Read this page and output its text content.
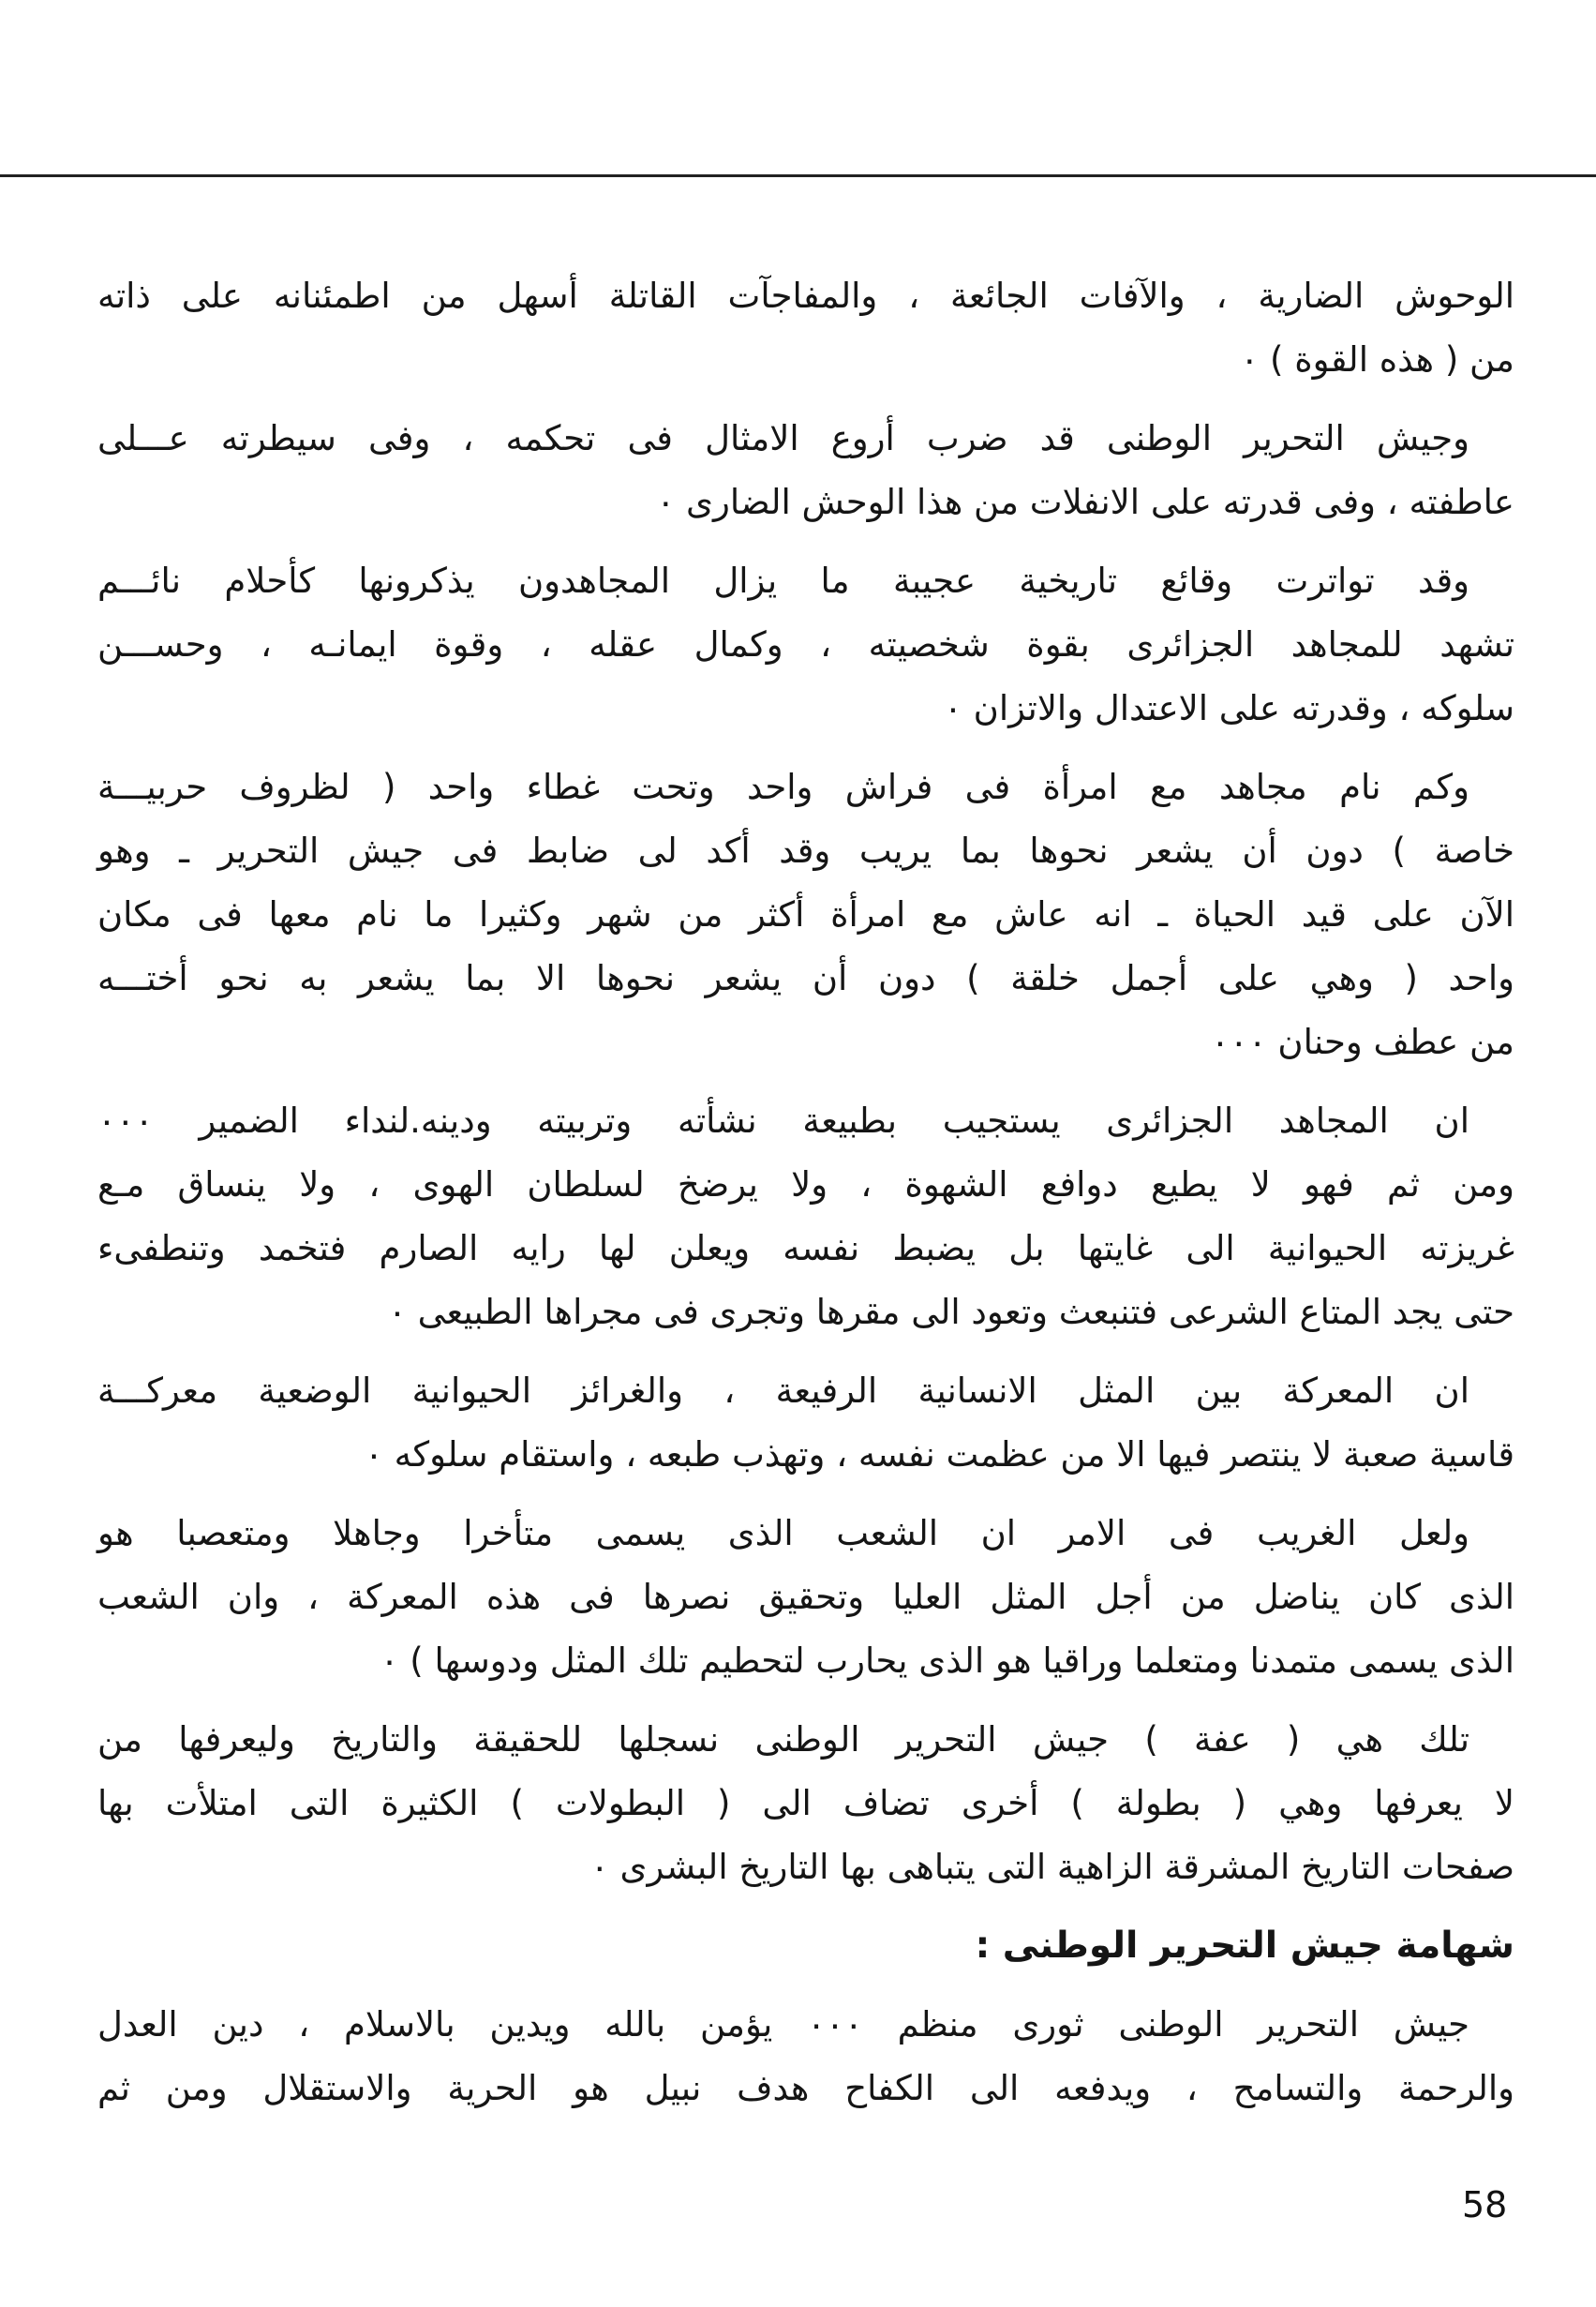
الوحوش الضارية ، والآفات الجائعة ، والمفاجآت القاتلة أسهل من اطمئنانه على ذاته
من ( هذه القوة ) ٠
وجيش التحرير الوطنى قد ضرب أروع الامثال فى تحكمه ، وفى سيطرته عـــلى
عاطفته ، وفى قدرته على الانفلات من هذا الوحش الضارى ٠
وقد تواترت وقائع تاريخية عجيبة ما يزال المجاهدون يذكرونها كأحلام نائـــم
تشهد للمجاهد الجزائرى بقوة شخصيته ، وكمال عقله ، وقوة ايمانـه ، وحســـن
سلوكه ، وقدرته على الاعتدال والاتزان ٠
وكم نام مجاهد مع امرأة فى فراش واحد وتحت غطاء واحد ( لظروف حربيـــة
خاصة ) دون أن يشعر نحوها بما يريب وقد أكد لى ضابط فى جيش التحرير ـ وهو
الآن على قيد الحياة ـ انه عاش مع امرأة أكثر من شهر وكثيرا ما نام معها فى مكان
واحد ( وهي على أجمل خلقة ) دون أن يشعر نحوها الا بما يشعر به نحو أختـــه
من عطف وحنان ٠٠٠
ان المجاهد الجزائرى يستجيب بطبيعة نشأته وتربيته ودينه.لنداء الضمير ٠٠٠
ومن ثم فهو لا يطيع دوافع الشهوة ، ولا يرضخ لسلطان الهوى ، ولا ينساق مـع
غريزته الحيوانية الى غايتها بل يضبط نفسه ويعلن لها رايه الصارم فتخمد وتنطفىء
حتى يجد المتاع الشرعى فتنبعث وتعود الى مقرها وتجرى فى مجراها الطبيعى ٠
ان المعركة بين المثل الانسانية الرفيعة ، والغرائز الحيوانية الوضعية معركـــة
قاسية صعبة لا ينتصر فيها الا من عظمت نفسه ، وتهذب طبعه ، واستقام سلوكه ٠
ولعل الغريب فى الامر ان الشعب الذى يسمى متأخرا وجاهلا ومتعصبا هو
الذى كان يناضل من أجل المثل العليا وتحقيق نصرها فى هذه المعركة ، وان الشعب
الذى يسمى متمدنا ومتعلما وراقيا هو الذى يحارب لتحطيم تلك المثل ودوسها ) ٠
تلك هي ( عفة ) جيش التحرير الوطنى نسجلها للحقيقة والتاريخ وليعرفها من
لا يعرفها وهي ( بطولة ) أخرى تضاف الى ( البطولات ) الكثيرة التى امتلأت بها
صفحات التاريخ المشرقة الزاهية التى يتباهى بها التاريخ البشرى ٠
شهامة جيش التحرير الوطنى :
جيش التحرير الوطنى ثورى منظم ٠٠٠ يؤمن بالله ويدين بالاسلام ، دين العدل
والرحمة والتسامح ، ويدفعه الى الكفاح هدف نبيل هو الحرية والاستقلال ومن ثم
58
